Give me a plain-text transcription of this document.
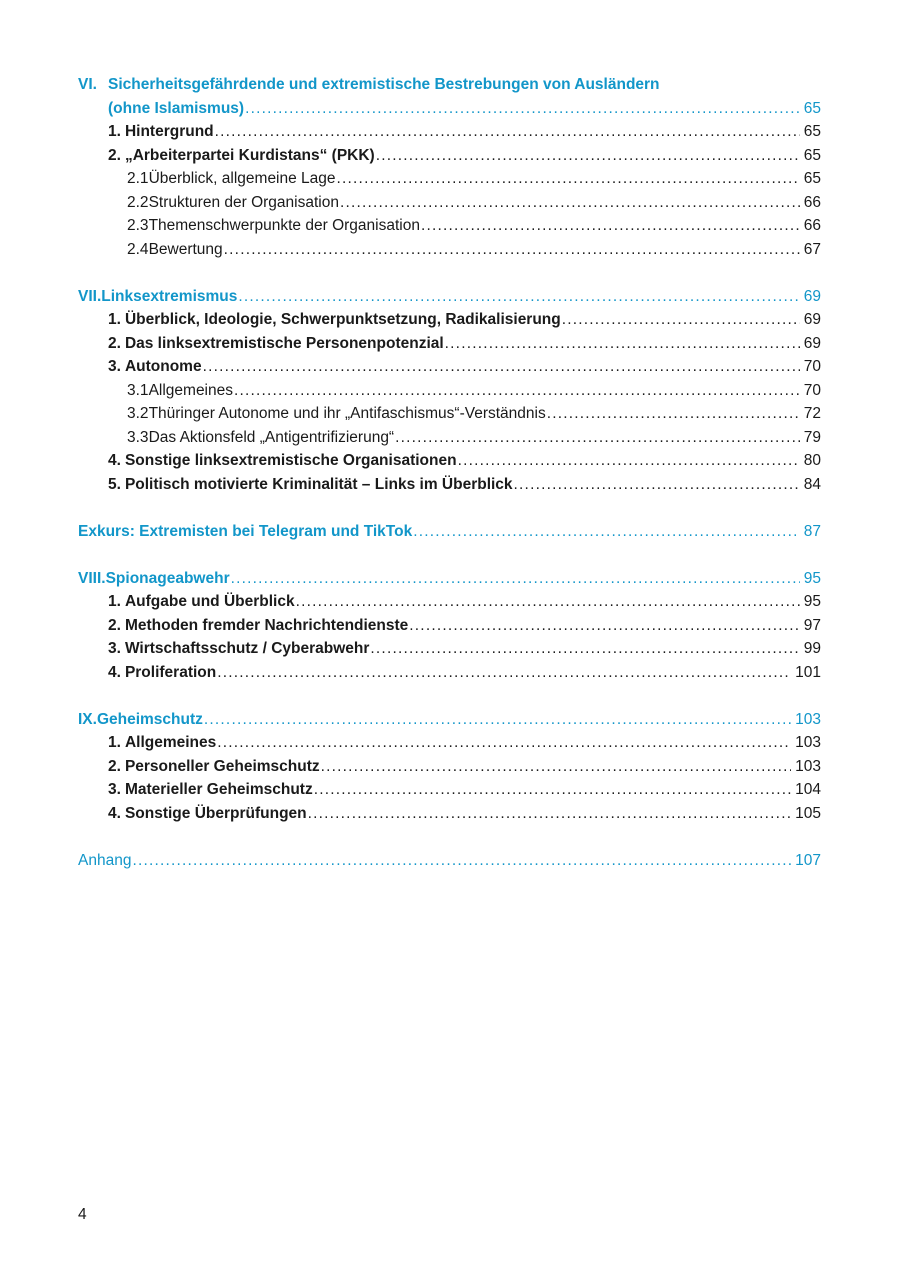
VI. Sicherheitsgefährdende und extremistische Bestrebungen von Ausländern
(ohne Islamismus) .....	65
1. Hintergrund .....	65
2. „Arbeiterpartei Kurdistans“ (PKK) .....	65
2.1 Überblick, allgemeine Lage .....	65
2.2 Strukturen der Organisation .....	66
2.3 Themenschwerpunkte der Organisation .....	66
2.4 Bewertung .....	67
VII. Linksextremismus .....	69
1. Überblick, Ideologie, Schwerpunktsetzung, Radikalisierung .....	69
2. Das linksextremistische Personenpotenzial .....	69
3. Autonome .....	70
3.1 Allgemeines .....	70
3.2 Thüringer Autonome und ihr „Antifaschismus“-Verständnis .....	72
3.3 Das Aktionsfeld „Antigentrifizierung“ .....	79
4. Sonstige linksextremistische Organisationen .....	80
5. Politisch motivierte Kriminalität – Links im Überblick .....	84
Exkurs: Extremisten bei Telegram und TikTok .....	87
VIII. Spionageabwehr .....	95
1. Aufgabe und Überblick .....	95
2. Methoden fremder Nachrichtendienste .....	97
3. Wirtschaftsschutz / Cyberabwehr .....	99
4. Proliferation .....	101
IX. Geheimschutz .....	103
1. Allgemeines .....	103
2. Personeller Geheimschutz .....	103
3. Materieller Geheimschutz .....	104
4. Sonstige Überprüfungen .....	105
Anhang .....	107
4
